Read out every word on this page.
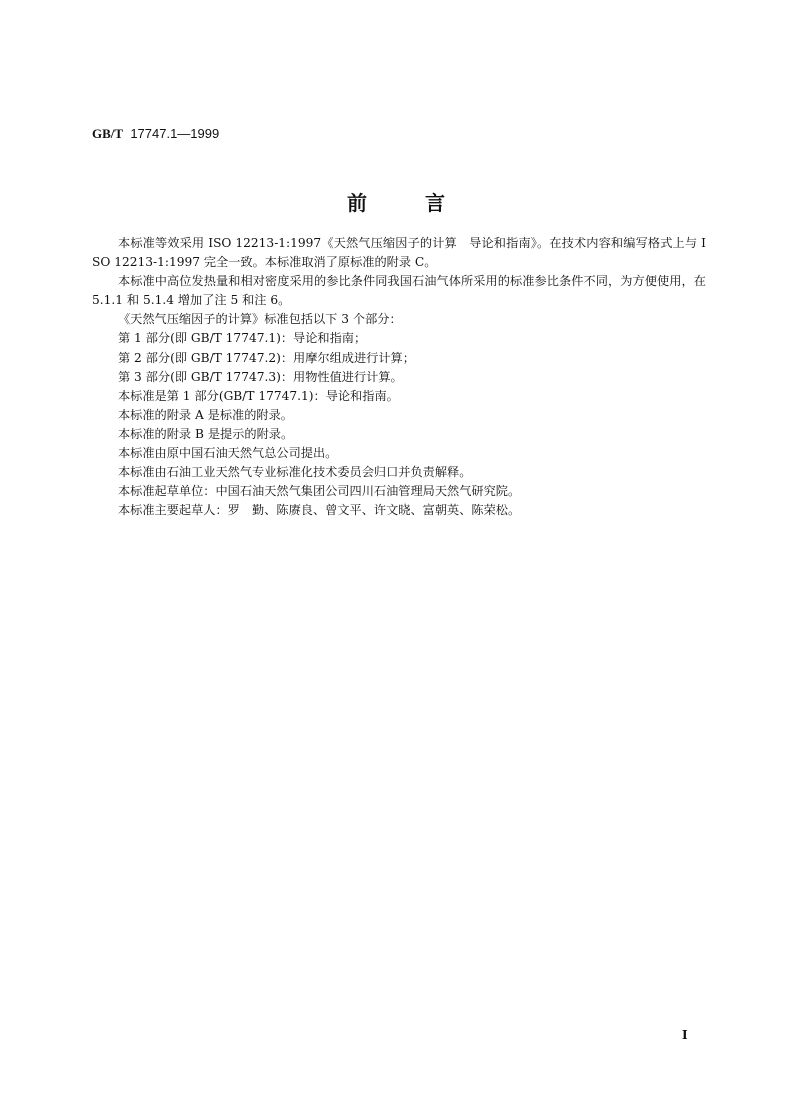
GB/T 17747.1—1999
前言

本标准等效采用 ISO 12213-1:1997《天然气压缩因子的计算　导论和指南》。在技术内容和编写格式上与 ISO 12213-1:1997 完全一致。本标准取消了原标准的附录 C。

本标准中高位发热量和相对密度采用的参比条件同我国石油气体所采用的标准参比条件不同，为方便使用，在 5.1.1 和 5.1.4 增加了注 5 和注 6。

《天然气压缩因子的计算》标准包括以下 3 个部分：

第 1 部分(即 GB/T 17747.1)：导论和指南；

第 2 部分(即 GB/T 17747.2)：用摩尔组成进行计算；

第 3 部分(即 GB/T 17747.3)：用物性值进行计算。

本标准是第 1 部分(GB/T 17747.1)：导论和指南。

本标准的附录 A 是标准的附录。

本标准的附录 B 是提示的附录。

本标准由原中国石油天然气总公司提出。

本标准由石油工业天然气专业标准化技术委员会归口并负责解释。

本标准起草单位：中国石油天然气集团公司四川石油管理局天然气研究院。

本标准主要起草人：罗　勤、陈赓良、曾文平、许文晓、富朝英、陈荣松。

Ⅰ
